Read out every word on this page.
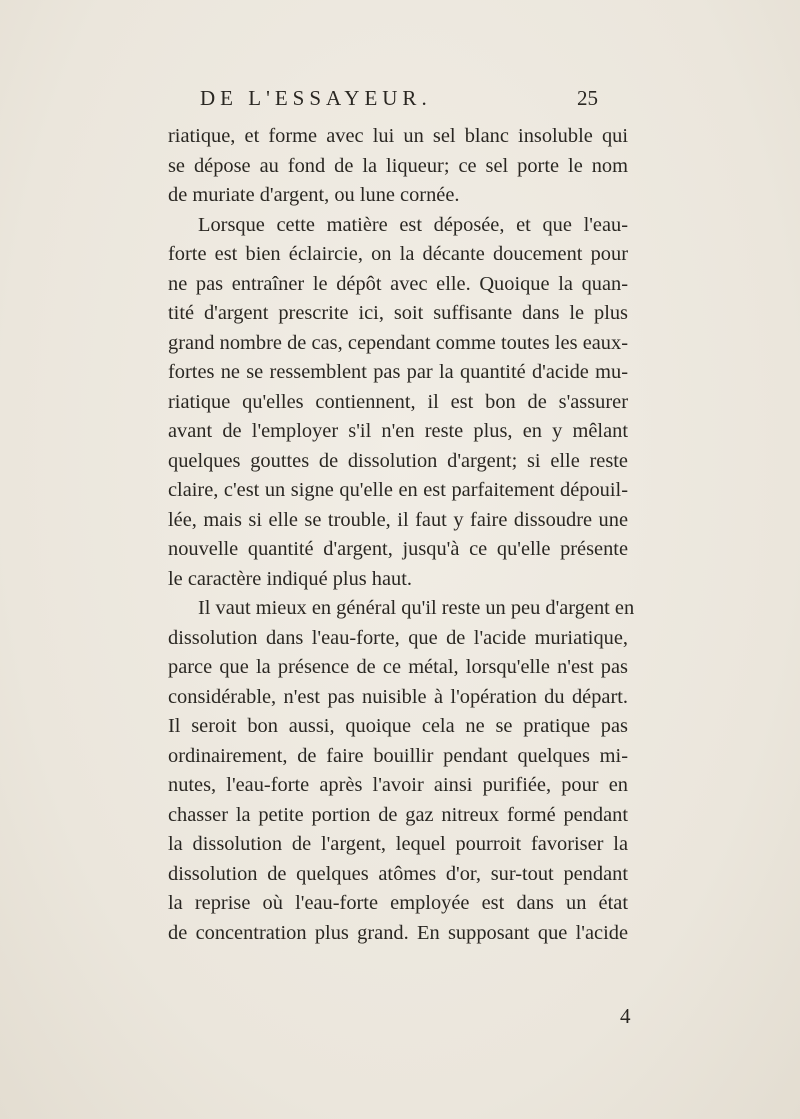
DE L'ESSAYEUR.	25
riatique, et forme avec lui un sel blanc insoluble qui
se dépose au fond de la liqueur; ce sel porte le nom
de muriate d'argent, ou lune cornée.
Lorsque cette matière est déposée, et que l'eau-
forte est bien éclaircie, on la décante doucement pour
ne pas entraîner le dépôt avec elle. Quoique la quan-
tité d'argent prescrite ici, soit suffisante dans le plus
grand nombre de cas, cependant comme toutes les eaux-
fortes ne se ressemblent pas par la quantité d'acide mu-
riatique qu'elles contiennent, il est bon de s'assurer
avant de l'employer s'il n'en reste plus, en y mêlant
quelques gouttes de dissolution d'argent; si elle reste
claire, c'est un signe qu'elle en est parfaitement dépouil-
lée, mais si elle se trouble, il faut y faire dissoudre une
nouvelle quantité d'argent, jusqu'à ce qu'elle présente
le caractère indiqué plus haut.
Il vaut mieux en général qu'il reste un peu d'argent en
dissolution dans l'eau-forte, que de l'acide muriatique,
parce que la présence de ce métal, lorsqu'elle n'est pas
considérable, n'est pas nuisible à l'opération du départ.
Il seroit bon aussi, quoique cela ne se pratique pas
ordinairement, de faire bouillir pendant quelques mi-
nutes, l'eau-forte après l'avoir ainsi purifiée, pour en
chasser la petite portion de gaz nitreux formé pendant
la dissolution de l'argent, lequel pourroit favoriser la
dissolution de quelques atômes d'or, sur-tout pendant
la reprise où l'eau-forte employée est dans un état
de concentration plus grand. En supposant que l'acide
4
